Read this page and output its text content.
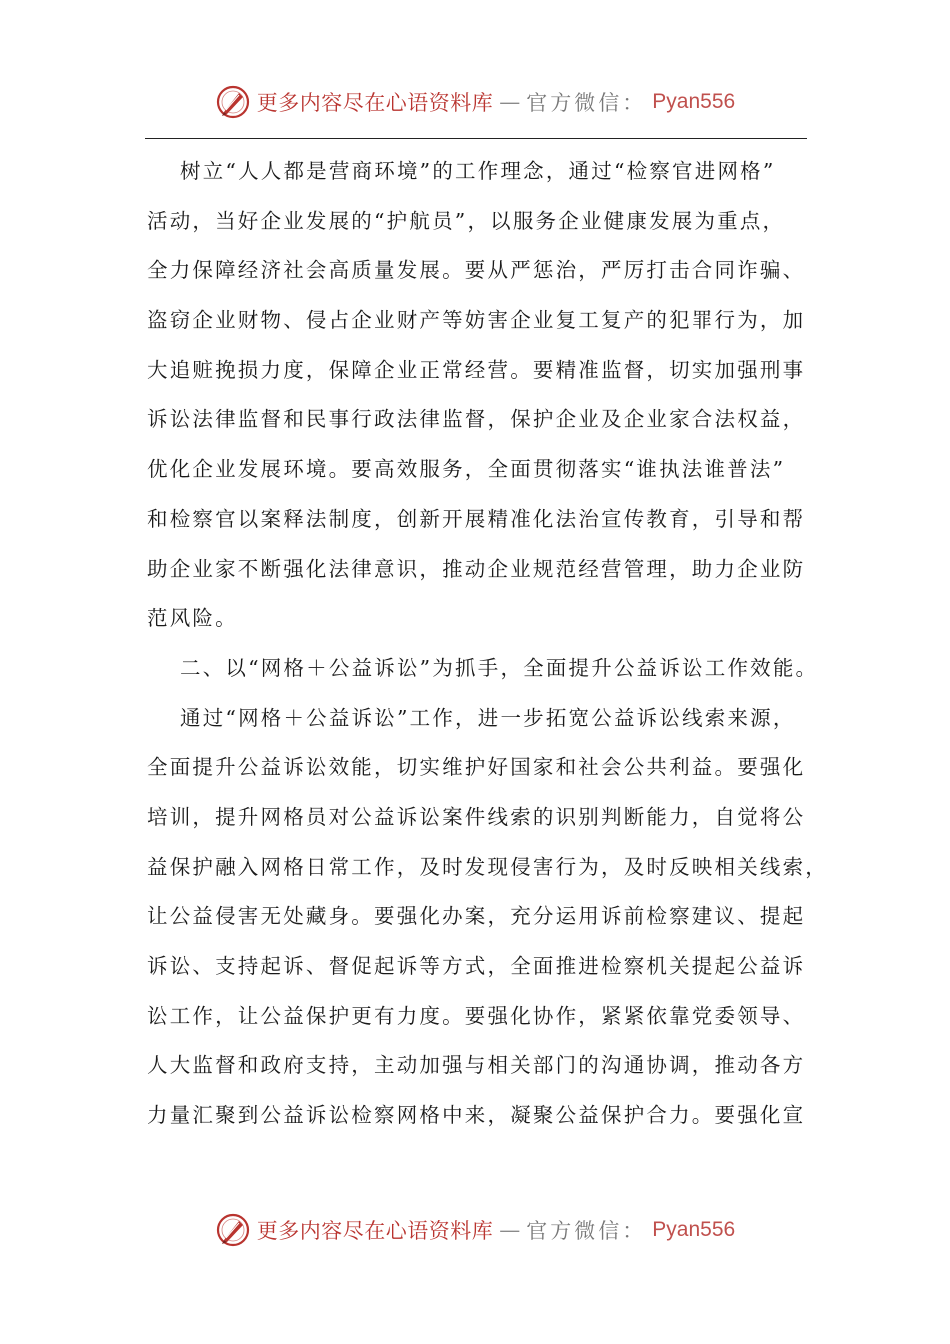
更多内容尽在心语资料库 — 官方微信： Pyan556
树立“人人都是营商环境”的工作理念，通过“检察官进网格”
活动，当好企业发展的“护航员”，以服务企业健康发展为重点，
全力保障经济社会高质量发展。要从严惩治，严厉打击合同诈骗、
盗窃企业财物、侵占企业财产等妨害企业复工复产的犯罪行为，加
大追赃挽损力度，保障企业正常经营。要精准监督，切实加强刑事
诉讼法律监督和民事行政法律监督，保护企业及企业家合法权益，
优化企业发展环境。要高效服务，全面贯彻落实“谁执法谁普法”
和检察官以案释法制度，创新开展精准化法治宣传教育，引导和帮
助企业家不断强化法律意识，推动企业规范经营管理，助力企业防
范风险。
二、以“网格＋公益诉讼”为抓手，全面提升公益诉讼工作效能。
通过“网格＋公益诉讼”工作，进一步拓宽公益诉讼线索来源，
全面提升公益诉讼效能，切实维护好国家和社会公共利益。要强化
培训，提升网格员对公益诉讼案件线索的识别判断能力，自觉将公
益保护融入网格日常工作，及时发现侵害行为，及时反映相关线索，
让公益侵害无处藏身。要强化办案，充分运用诉前检察建议、提起
诉讼、支持起诉、督促起诉等方式，全面推进检察机关提起公益诉
讼工作，让公益保护更有力度。要强化协作，紧紧依靠党委领导、
人大监督和政府支持，主动加强与相关部门的沟通协调，推动各方
力量汇聚到公益诉讼检察网格中来，凝聚公益保护合力。要强化宣
更多内容尽在心语资料库 — 官方微信： Pyan556
